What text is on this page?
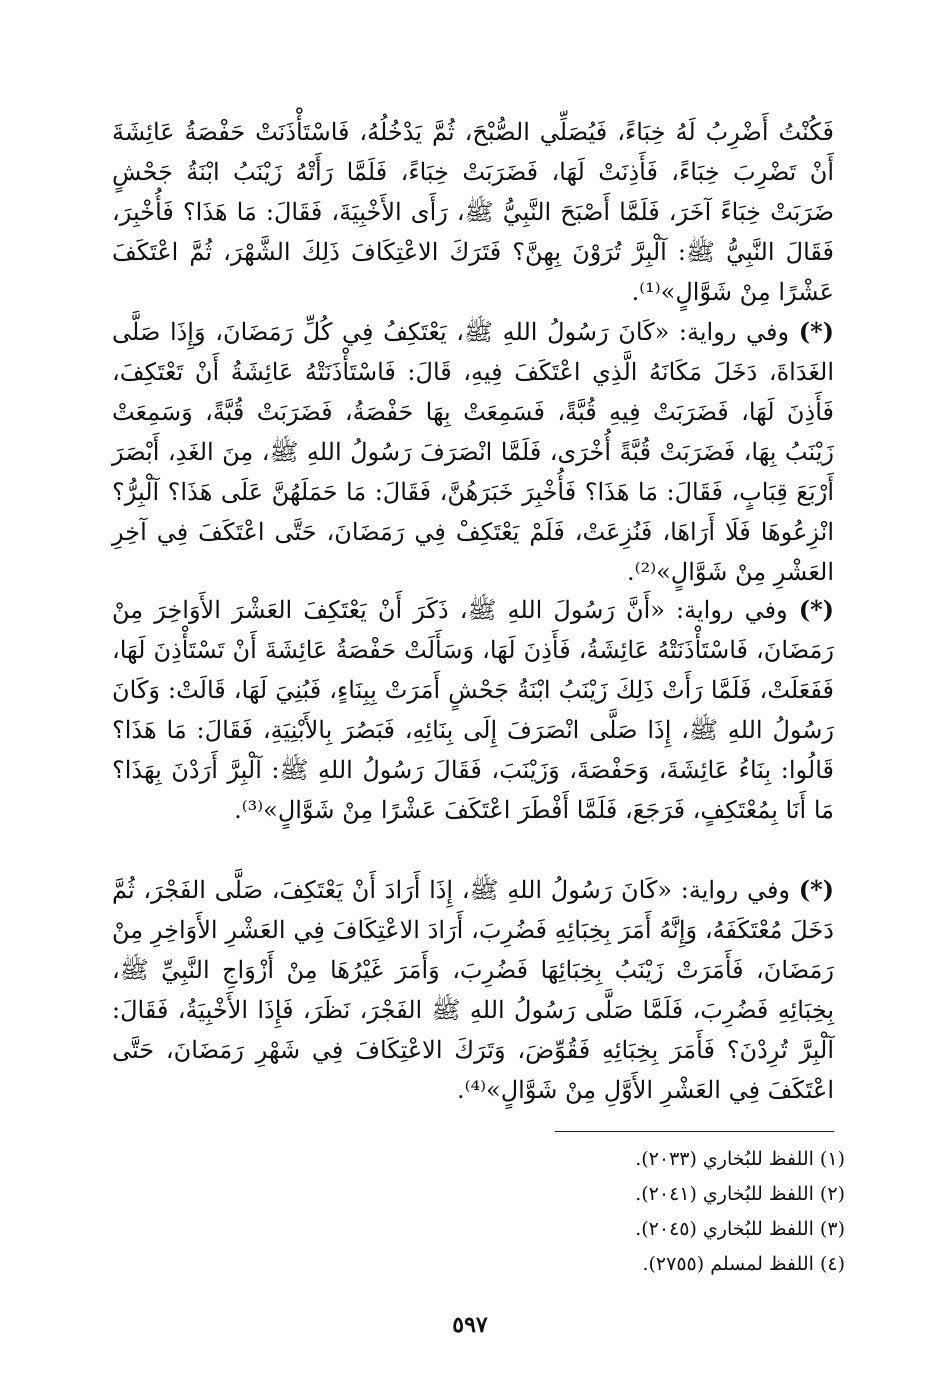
فَكُنْتُ أَضْرِبُ لَهُ خِبَاءً، فَيُصَلِّي الصُّبْحَ، ثُمَّ يَدْخُلُهُ، فَاسْتَأْذَنَتْ حَفْصَةُ عَائِشَةَ أَنْ تَضْرِبَ خِبَاءً، فَأَذِنَتْ لَهَا، فَضَرَبَتْ خِبَاءً، فَلَمَّا رَأَتْهُ زَيْنَبُ ابْنَةُ جَحْشٍ ضَرَبَتْ خِبَاءً آخَرَ، فَلَمَّا أَصْبَحَ النَّبِيُّ ﷺ، رَأَى الأَخْبِيَةَ، فَقَالَ: مَا هَذَا؟ فَأُخْبِرَ، فَقَالَ النَّبِيُّ ﷺ: آلْبِرَّ تُرَوْنَ بِهِنَّ؟ فَتَرَكَ الاعْتِكَافَ ذَلِكَ الشَّهْرَ، ثُمَّ اعْتَكَفَ عَشْرًا مِنْ شَوَّالٍ»⁽¹⁾.

(*) وفي رواية: «كَانَ رَسُولُ اللهِ ﷺ، يَعْتَكِفُ فِي كُلِّ رَمَضَانَ، وَإِذَا صَلَّى الغَدَاةَ، دَخَلَ مَكَانَهُ الَّذِي اعْتَكَفَ فِيهِ، قَالَ: فَاسْتَأْذَنَتْهُ عَائِشَةُ أَنْ تَعْتَكِفَ، فَأَذِنَ لَهَا، فَضَرَبَتْ فِيهِ قُبَّةً، فَسَمِعَتْ بِهَا حَفْصَةُ، فَضَرَبَتْ قُبَّةً، وَسَمِعَتْ زَيْنَبُ بِهَا، فَضَرَبَتْ قُبَّةً أُخْرَى، فَلَمَّا انْصَرَفَ رَسُولُ اللهِ ﷺ، مِنَ الغَدِ، أَبْصَرَ أَرْبَعَ قِبَابٍ، فَقَالَ: مَا هَذَا؟ فَأُخْبِرَ خَبَرَهُنَّ، فَقَالَ: مَا حَمَلَهُنَّ عَلَى هَذَا؟ آلْبِرُّ؟ انْزِعُوهَا فَلَا أَرَاهَا، فَنُزِعَتْ، فَلَمْ يَعْتَكِفْ فِي رَمَضَانَ، حَتَّى اعْتَكَفَ فِي آخِرِ العَشْرِ مِنْ شَوَّالٍ»⁽²⁾.

(*) وفي رواية: «أَنَّ رَسُولَ اللهِ ﷺ، ذَكَرَ أَنْ يَعْتَكِفَ العَشْرَ الأَوَاخِرَ مِنْ رَمَضَانَ، فَاسْتَأْذَنَتْهُ عَائِشَةُ، فَأَذِنَ لَهَا، وَسَأَلَتْ حَفْصَةُ عَائِشَةَ أَنْ تَسْتَأْذِنَ لَهَا، فَفَعَلَتْ، فَلَمَّا رَأَتْ ذَلِكَ زَيْنَبُ ابْنَةُ جَحْشٍ أَمَرَتْ بِبِنَاءٍ، فَبُنِيَ لَهَا، قَالَتْ: وَكَانَ رَسُولُ اللهِ ﷺ، إِذَا صَلَّى انْصَرَفَ إِلَى بِنَائِهِ، فَبَصُرَ بِالأَبْنِيَةِ، فَقَالَ: مَا هَذَا؟ قَالُوا: بِنَاءُ عَائِشَةَ، وَحَفْصَةَ، وَزَيْنَبَ، فَقَالَ رَسُولُ اللهِ ﷺ: آلْبِرَّ أَرَدْنَ بِهَذَا؟ مَا أَنَا بِمُعْتَكِفٍ، فَرَجَعَ، فَلَمَّا أَفْطَرَ اعْتَكَفَ عَشْرًا مِنْ شَوَّالٍ»⁽³⁾.

(*) وفي رواية: «كَانَ رَسُولُ اللهِ ﷺ، إِذَا أَرَادَ أَنْ يَعْتَكِفَ، صَلَّى الفَجْرَ، ثُمَّ دَخَلَ مُعْتَكَفَهُ، وَإِنَّهُ أَمَرَ بِخِبَائِهِ فَضُرِبَ، أَرَادَ الاعْتِكَافَ فِي العَشْرِ الأَوَاخِرِ مِنْ رَمَضَانَ، فَأَمَرَتْ زَيْنَبُ بِخِبَائِهَا فَضُرِبَ، وَأَمَرَ غَيْرُهَا مِنْ أَزْوَاجِ النَّبِيِّ ﷺ، بِخِبَائِهِ فَضُرِبَ، فَلَمَّا صَلَّى رَسُولُ اللهِ ﷺ الفَجْرَ، نَظَرَ، فَإِذَا الأَخْبِيَةُ، فَقَالَ: آلْبِرَّ تُرِدْنَ؟ فَأَمَرَ بِخِبَائِهِ فَقُوِّضَ، وَتَرَكَ الاعْتِكَافَ فِي شَهْرِ رَمَضَانَ، حَتَّى اعْتَكَفَ فِي العَشْرِ الأَوَّلِ مِنْ شَوَّالٍ»⁽⁴⁾.

(١) اللفظ للبُخاري (٢٠٣٣).

(٢) اللفظ للبُخاري (٢٠٤١).

(٣) اللفظ للبُخاري (٢٠٤٥).

(٤) اللفظ لمسلم (٢٧٥٥).

٥٩٧
